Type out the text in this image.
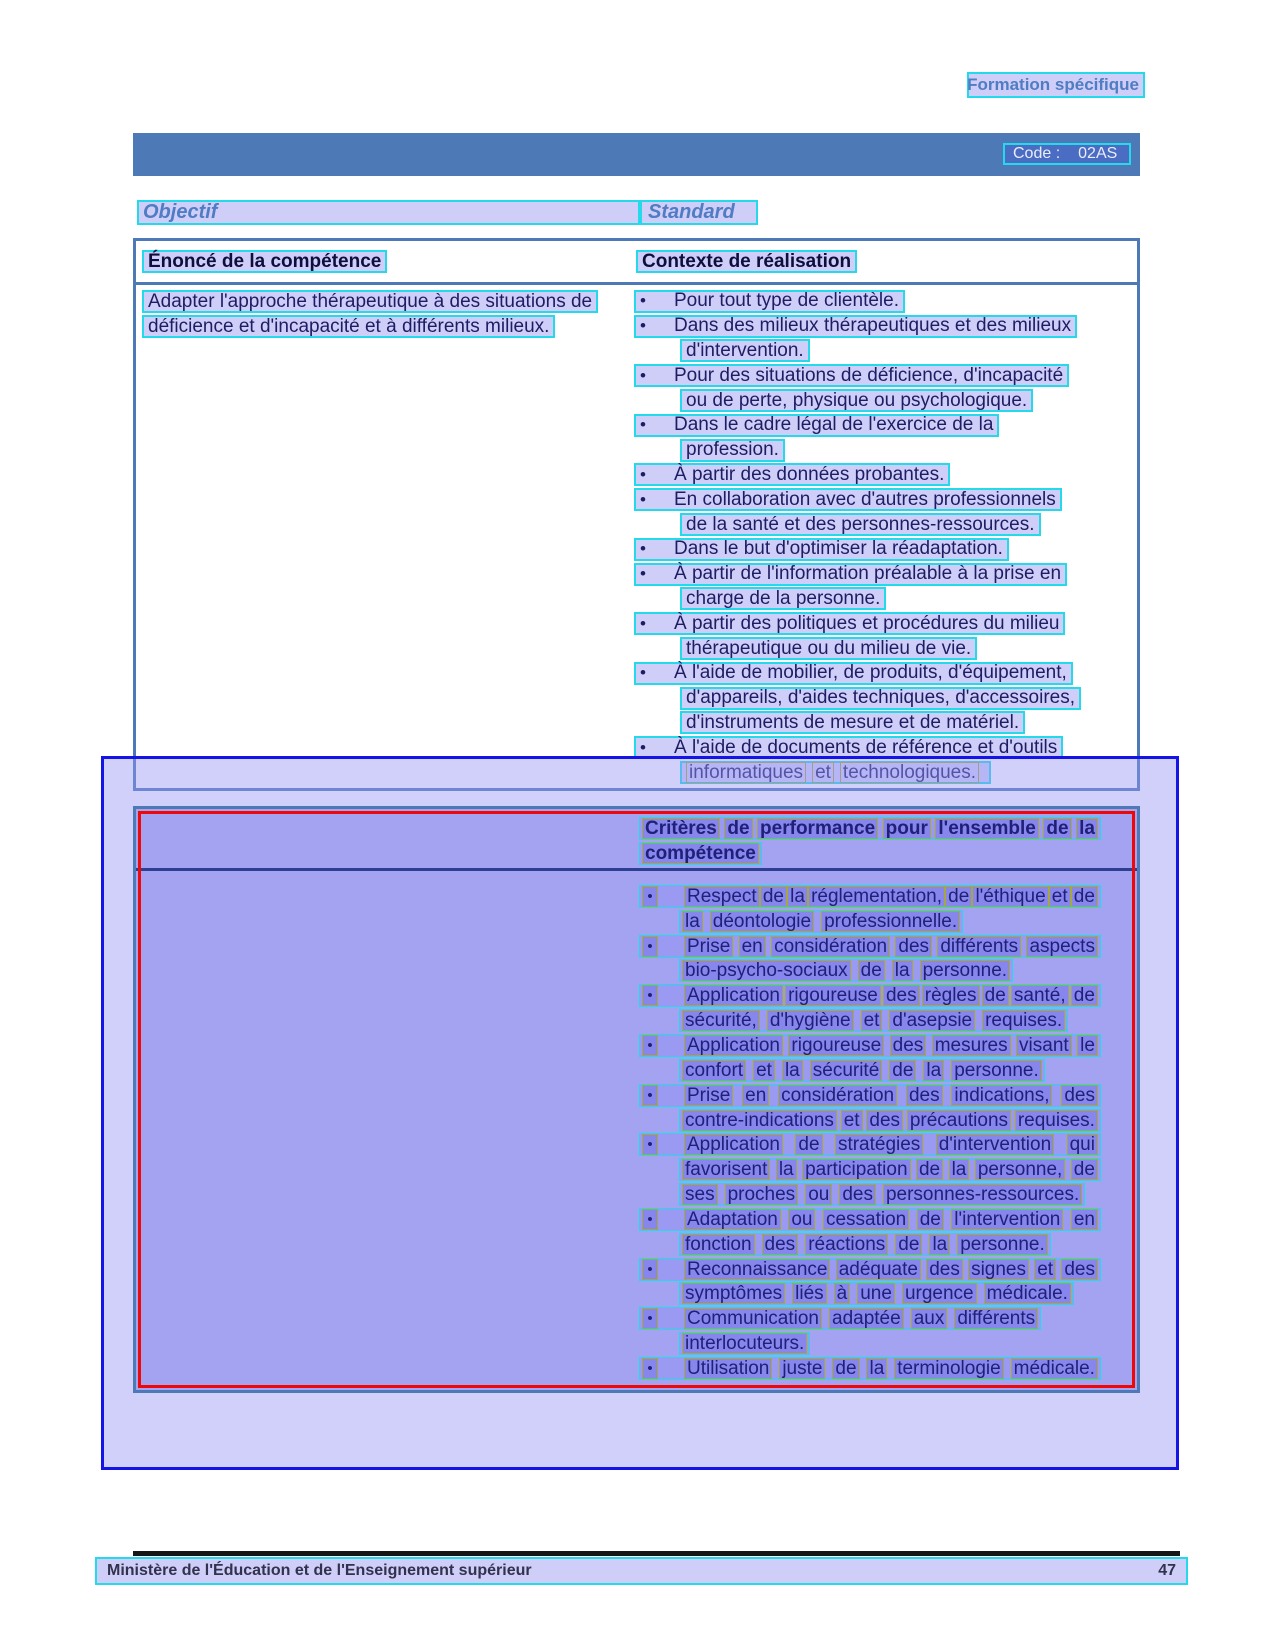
Formation spécifique
Code : 02AS
Objectif	Standard
Énoncé de la compétence	Contexte de réalisation
Adapter l'approche thérapeutique à des situations de
déficience et d'incapacité et à différents milieux.
•	Pour tout type de clientèle.
•	Dans des milieux thérapeutiques et des milieux
d'intervention.
•	Pour des situations de déficience, d'incapacité
ou de perte, physique ou psychologique.
•	Dans le cadre légal de l'exercice de la
profession.
•	À partir des données probantes.
•	En collaboration avec d'autres professionnels
de la santé et des personnes-ressources.
•	Dans le but d'optimiser la réadaptation.
•	À partir de l'information préalable à la prise en
charge de la personne.
•	À partir des politiques et procédures du milieu
thérapeutique ou du milieu de vie.
•	À l'aide de mobilier, de produits, d'équipement,
d'appareils, d'aides techniques, d'accessoires,
d'instruments de mesure et de matériel.
•	À l'aide de documents de référence et d'outils
informatiques et technologiques.
Critères de performance pour l'ensemble de la
compétence
• Respect de la réglementation, de l'éthique et de
la déontologie professionnelle.
• Prise en considération des différents aspects
bio-psycho-sociaux de la personne.
• Application rigoureuse des règles de santé, de
sécurité, d'hygiène et d'asepsie requises.
• Application rigoureuse des mesures visant le
confort et la sécurité de la personne.
• Prise en considération des indications, des
contre-indications et des précautions requises.
• Application de stratégies d'intervention qui
favorisent la participation de la personne, de
ses proches ou des personnes-ressources.
• Adaptation ou cessation de l'intervention en
fonction des réactions de la personne.
• Reconnaissance adéquate des signes et des
symptômes liés à une urgence médicale.
• Communication adaptée aux différents
interlocuteurs.
• Utilisation juste de la terminologie médicale.
Ministère de l'Éducation et de l'Enseignement supérieur	47
